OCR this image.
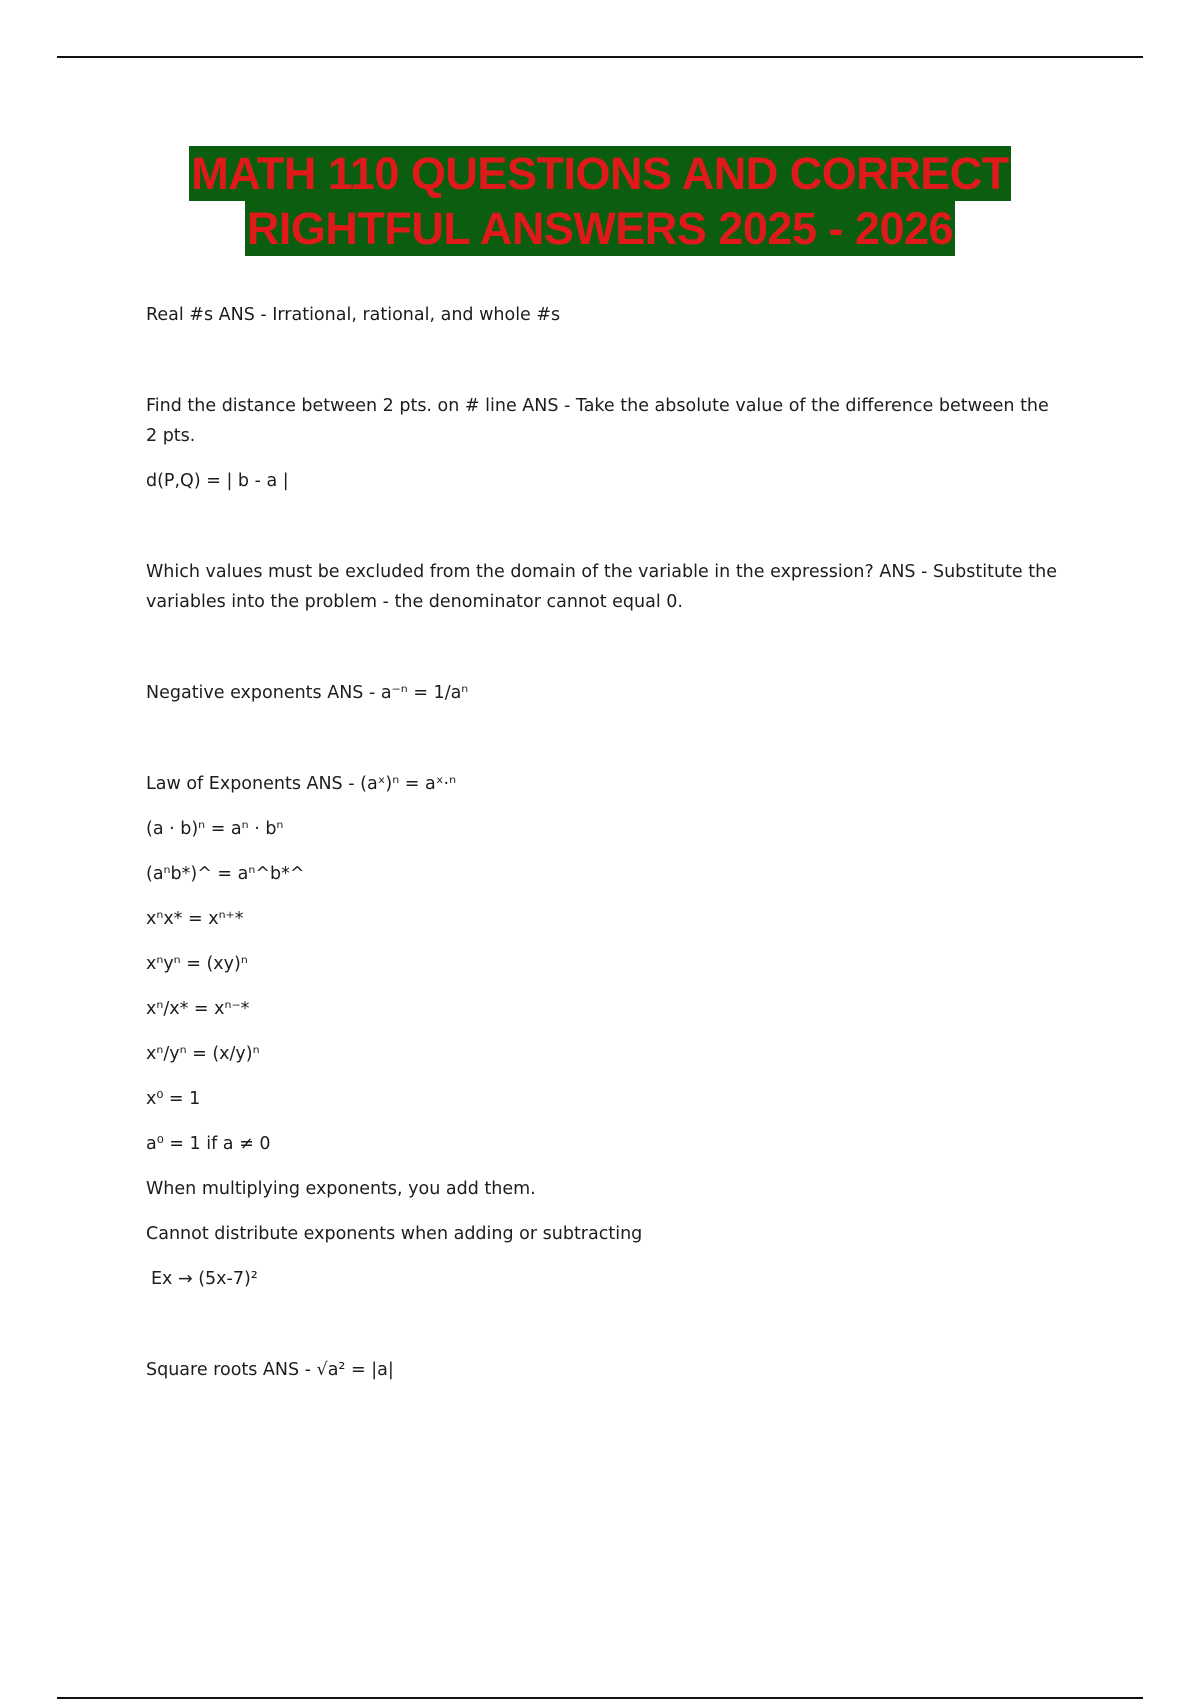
MATH 110 QUESTIONS AND CORRECT
RIGHTFUL ANSWERS 2025 - 2026

Real #s ANS - Irrational, rational, and whole #s

Find the distance between 2 pts. on # line ANS - Take the absolute value of the difference between the

2 pts.

d(P,Q) = | b - a |

Which values must be excluded from the domain of the variable in the expression? ANS - Substitute the

variables into the problem - the denominator cannot equal 0.

Negative exponents ANS - a⁻ⁿ = 1/aⁿ

Law of Exponents ANS - (aˣ)ⁿ = aˣ·ⁿ

(a · b)ⁿ = aⁿ · bⁿ

(aⁿb*)^ = aⁿ^b*^

xⁿx* = xⁿ⁺*

xⁿyⁿ = (xy)ⁿ

xⁿ/x* = xⁿ⁻*

xⁿ/yⁿ = (x/y)ⁿ

x⁰ = 1

a⁰ = 1 if a ≠ 0

When multiplying exponents, you add them.

Cannot distribute exponents when adding or subtracting

Ex → (5x-7)²

Square roots ANS - √a² = |a|
